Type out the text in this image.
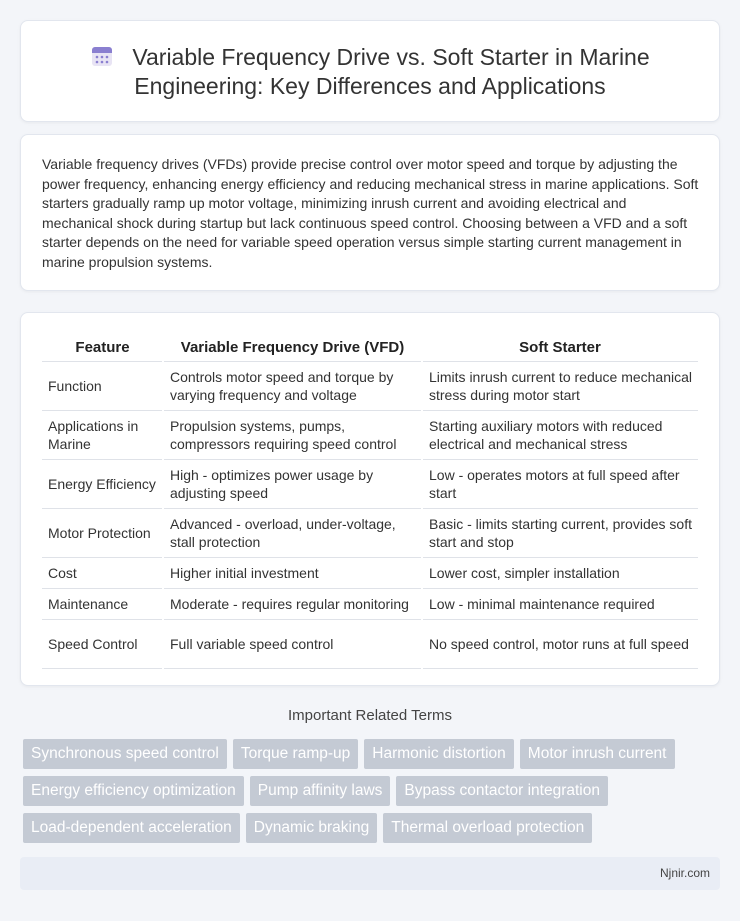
Variable Frequency Drive vs. Soft Starter in Marine
Engineering: Key Differences and Applications

Variable frequency drives (VFDs) provide precise control over motor speed and torque by adjusting the power frequency, enhancing energy efficiency and reducing mechanical stress in marine applications. Soft starters gradually ramp up motor voltage, minimizing inrush current and avoiding electrical and mechanical shock during startup but lack continuous speed control. Choosing between a VFD and a soft starter depends on the need for variable speed operation versus simple starting current management in marine propulsion systems.

Feature	Variable Frequency Drive (VFD)	Soft Starter
Function	Controls motor speed and torque by varying frequency and voltage	Limits inrush current to reduce mechanical stress during motor start
Applications in Marine	Propulsion systems, pumps, compressors requiring speed control	Starting auxiliary motors with reduced electrical and mechanical stress
Energy Efficiency	High - optimizes power usage by adjusting speed	Low - operates motors at full speed after start
Motor Protection	Advanced - overload, under-voltage, stall protection	Basic - limits starting current, provides soft start and stop
Cost	Higher initial investment	Lower cost, simpler installation
Maintenance	Moderate - requires regular monitoring	Low - minimal maintenance required
Speed Control	Full variable speed control	No speed control, motor runs at full speed
Important Related Terms
Synchronous speed control	Torque ramp-up	Harmonic distortion	Motor inrush current
Energy efficiency optimization	Pump affinity laws	Bypass contactor integration
Load-dependent acceleration	Dynamic braking	Thermal overload protection
Njnir.com
